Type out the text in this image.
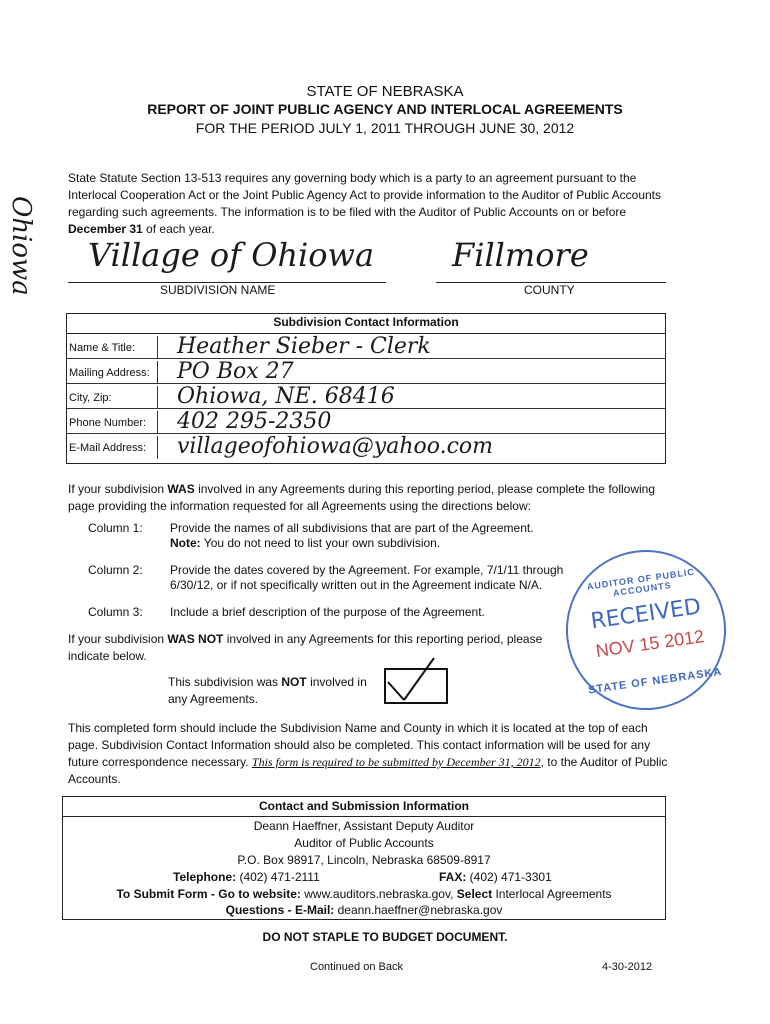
Ohiowa
STATE OF NEBRASKA
REPORT OF JOINT PUBLIC AGENCY AND INTERLOCAL AGREEMENTS
FOR THE PERIOD JULY 1, 2011 THROUGH JUNE 30, 2012
State Statute Section 13-513 requires any governing body which is a party to an agreement pursuant to the Interlocal Cooperation Act or the Joint Public Agency Act to provide information to the Auditor of Public Accounts regarding such agreements. The information is to be filed with the Auditor of Public Accounts on or before December 31 of each year.
Village of Ohiowa
SUBDIVISION NAME
Fillmore
COUNTY
Subdivision Contact Information
Name & Title: Heather Sieber - Clerk
Mailing Address: PO Box 27
City, Zip:	Ohiowa, NE. 68416
Phone Number: 402 295-2350
E-Mail Address: villageofohiowa@yahoo.com
If your subdivision WAS involved in any Agreements during this reporting period, please complete the following page providing the information requested for all Agreements using the directions below:
Column 1: Provide the names of all subdivisions that are part of the Agreement.
Note: You do not need to list your own subdivision.
Column 2: Provide the dates covered by the Agreement. For example, 7/1/11 through 6/30/12, or if not specifically written out in the Agreement indicate N/A.
Column 3: Include a brief description of the purpose of the Agreement.
If your subdivision WAS NOT involved in any Agreements for this reporting period, please indicate below.
This subdivision was NOT involved in any Agreements.
AUDITOR OF PUBLIC ACCOUNTS
RECEIVED
NOV 15 2012
STATE OF NEBRASKA
This completed form should include the Subdivision Name and County in which it is located at the top of each page. Subdivision Contact Information should also be completed. This contact information will be used for any future correspondence necessary. This form is required to be submitted by December 31, 2012, to the Auditor of Public Accounts.
Contact and Submission Information
Deann Haeffner, Assistant Deputy Auditor
Auditor of Public Accounts
P.O. Box 98917, Lincoln, Nebraska 68509-8917
Telephone: (402) 471-2111	FAX: (402) 471-3301
To Submit Form - Go to website: www.auditors.nebraska.gov, Select Interlocal Agreements
Questions - E-Mail: deann.haeffner@nebraska.gov
DO NOT STAPLE TO BUDGET DOCUMENT.
Continued on Back	4-30-2012
